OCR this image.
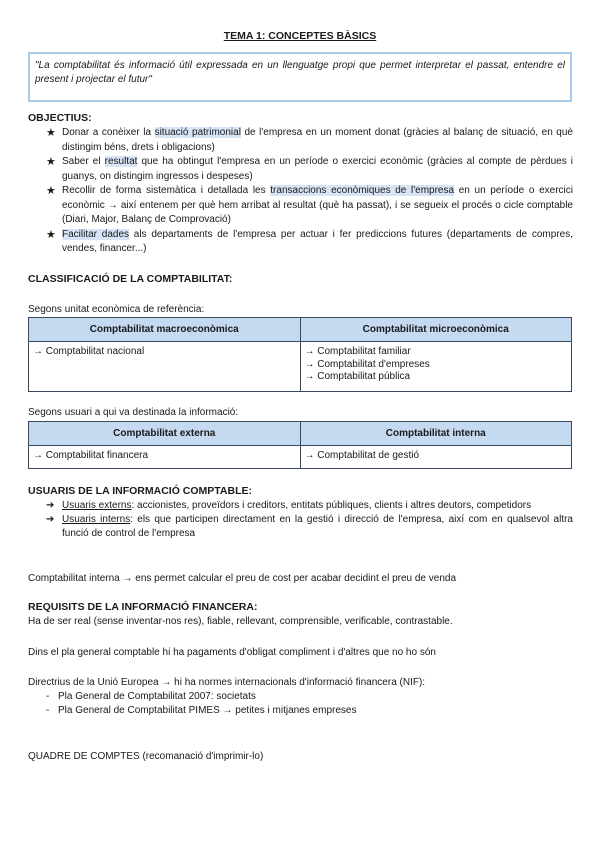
TEMA 1: CONCEPTES BÀSICS
"La comptabilitat és informació útil expressada en un llenguatge propi que permet interpretar el passat, entendre el present i projectar el futur"
OBJECTIUS:
★ Donar a conèixer la situació patrimonial de l'empresa en un moment donat (gràcies al balanç de situació, en què distingim béns, drets i obligacions)
★ Saber el resultat que ha obtingut l'empresa en un període o exercici econòmic (gràcies al compte de pèrdues i guanys, on distingim ingressos i despeses)
★ Recollir de forma sistemàtica i detallada les transaccions econòmiques de l'empresa en un període o exercici econòmic → així entenem per què hem arribat al resultat (què ha passat), i se segueix el procés o cicle comptable (Diari, Major, Balanç de Comprovació)
★ Facilitar dades als departaments de l'empresa per actuar i fer prediccions futures (departaments de compres, vendes, financer...)
CLASSIFICACIÓ DE LA COMPTABILITAT:
Segons unitat econòmica de referència:
Comptabilitat macroeconòmica	Comptabilitat microeconòmica

→ Comptabilitat nacional	→ Comptabilitat familiar
→ Comptabilitat d'empreses
→ Comptabilitat pública
Segons usuari a qui va destinada la informació:
Comptabilitat externa	Comptabilitat interna
→ Comptabilitat financera	→ Comptabilitat de gestió
USUARIS DE LA INFORMACIÓ COMPTABLE:
➔ Usuaris externs: accionistes, proveïdors i creditors, entitats públiques, clients i altres deutors, competidors
➔ Usuaris interns: els que participen directament en la gestió i direcció de l'empresa, així com en qualsevol altra funció de control de l'empresa
Comptabilitat interna → ens permet calcular el preu de cost per acabar decidint el preu de venda
REQUISITS DE LA INFORMACIÓ FINANCERA:
Ha de ser real (sense inventar-nos res), fiable, rellevant, comprensible, verificable, contrastable.
Dins el pla general comptable hi ha pagaments d'obligat compliment i d'altres que no ho són
Directrius de la Unió Europea → hi ha normes internacionals d'informació financera (NIF):
- Pla General de Comptabilitat 2007: societats
- Pla General de Comptabilitat PIMES → petites i mitjanes empreses
QUADRE DE COMPTES (recomanació d'imprimir-lo)
